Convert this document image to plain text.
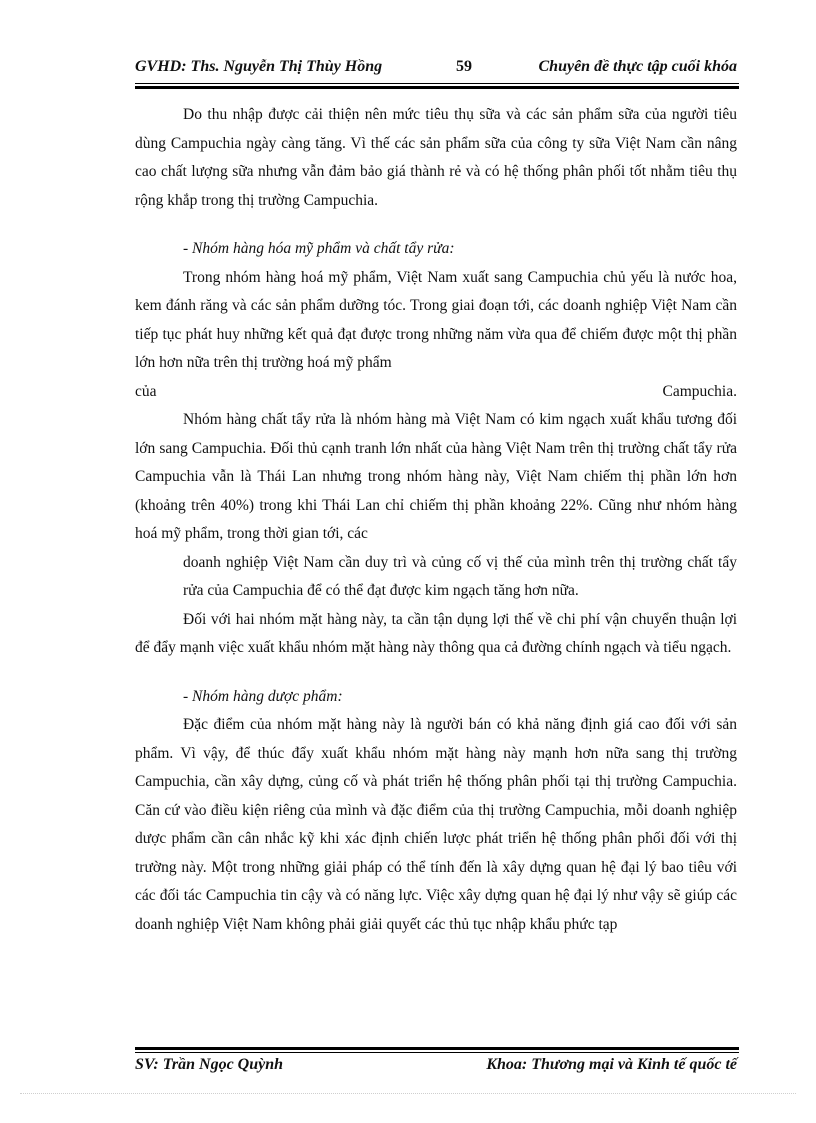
GVHD: Ths. Nguyễn Thị Thùy Hồng	59	Chuyên đề thực tập cuối khóa

Do thu nhập được cải thiện nên mức tiêu thụ sữa và các sản phẩm sữa của người tiêu dùng Campuchia ngày càng tăng. Vì thế các sản phẩm sữa của công ty sữa Việt Nam cần nâng cao chất lượng sữa nhưng vẫn đảm bảo giá thành rẻ và có hệ thống phân phối tốt nhằm tiêu thụ rộng khắp trong thị trường Campuchia.

- Nhóm hàng hóa mỹ phẩm và chất tẩy rửa:

Trong nhóm hàng hoá mỹ phẩm, Việt Nam xuất sang Campuchia chủ yếu là nước hoa, kem đánh răng và các sản phẩm dưỡng tóc. Trong giai đoạn tới, các doanh nghiệp Việt Nam cần tiếp tục phát huy những kết quả đạt được trong những năm vừa qua để chiếm được một thị phần lớn hơn nữa trên thị trường hoá mỹ phẩm

của	Campuchia.

Nhóm hàng chất tẩy rửa là nhóm hàng mà Việt Nam có kim ngạch xuất khẩu tương đối lớn sang Campuchia. Đối thủ cạnh tranh lớn nhất của hàng Việt Nam trên thị trường chất tẩy rửa Campuchia vẫn là Thái Lan nhưng trong nhóm hàng này, Việt Nam chiếm thị phần lớn hơn (khoảng trên 40%) trong khi Thái Lan chỉ chiếm thị phần khoảng 22%. Cũng như nhóm hàng hoá mỹ phẩm, trong thời gian tới, các

doanh nghiệp Việt Nam cần duy trì và củng cố vị thế của mình trên thị trường chất tẩy rửa của Campuchia để có thể đạt được kim ngạch tăng hơn nữa.

Đối với hai nhóm mặt hàng này, ta cần tận dụng lợi thế về chi phí vận chuyển thuận lợi để đẩy mạnh việc xuất khẩu nhóm mặt hàng này thông qua cả đường chính ngạch và tiểu ngạch.

- Nhóm hàng dược phẩm:

Đặc điểm của nhóm mặt hàng này là người bán có khả năng định giá cao đối với sản phẩm. Vì vậy, để thúc đẩy xuất khẩu nhóm mặt hàng này mạnh hơn nữa sang thị trường Campuchia, cần xây dựng, củng cố và phát triển hệ thống phân phối tại thị trường Campuchia. Căn cứ vào điều kiện riêng của mình và đặc điểm của thị trường Campuchia, mỗi doanh nghiệp dược phẩm cần cân nhắc kỹ khi xác định chiến lược phát triển hệ thống phân phối đối với thị trường này. Một trong những giải pháp có thể tính đến là xây dựng quan hệ đại lý bao tiêu với các đối tác Campuchia tin cậy và có năng lực. Việc xây dựng quan hệ đại lý như vậy sẽ giúp các doanh nghiệp Việt Nam không phải giải quyết các thủ tục nhập khẩu phức tạp

SV: Trần Ngọc Quỳnh	Khoa: Thương mại và Kinh tế quốc tế
